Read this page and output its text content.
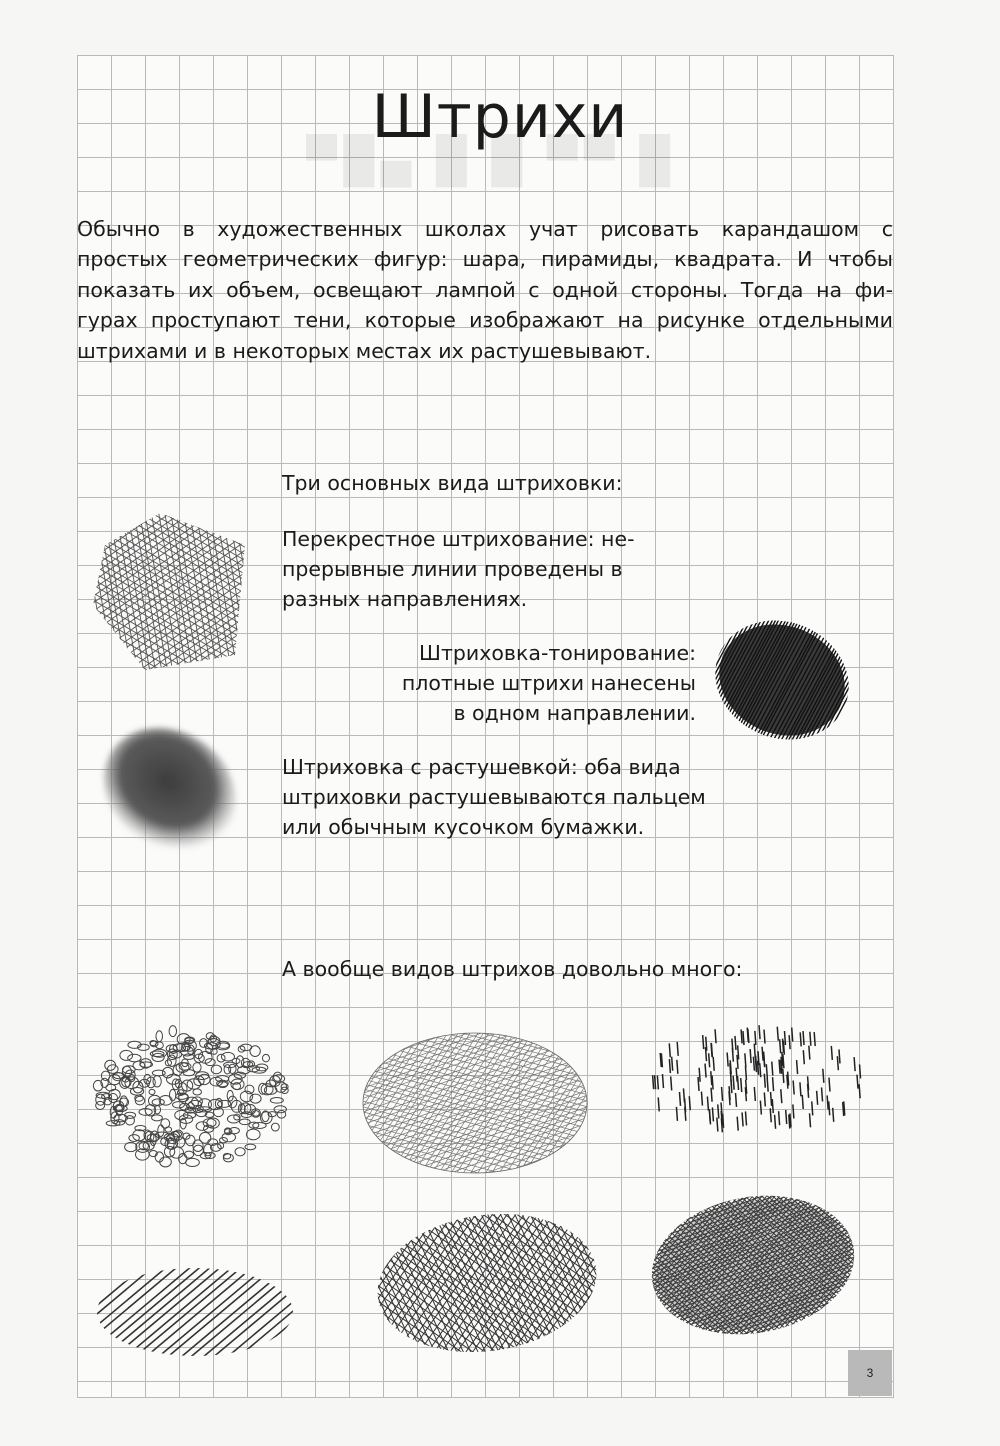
█ ▀▀ █ █ ▄█▀
Штрихи
Обычно в художественных школах учат рисовать карандашом с
простых геометрических фигур: шара, пирамиды, квадрата. И чтобы
показать их объем, освещают лампой с одной стороны. Тогда на фи-
гурах проступают тени, которые изображают на рисунке отдельными
штрихами и в некоторых местах их растушевывают.

Три основных вида штриховки:

Перекрестное штрихование: не-
прерывные линии проведены в
разных направлениях.
Штриховка-тонирование:
плотные штрихи нанесены
в одном направлении.
Штриховка с растушевкой: оба вида
штриховки растушевываются пальцем
или обычным кусочком бумажки.

А вообще видов штрихов довольно много:

3
